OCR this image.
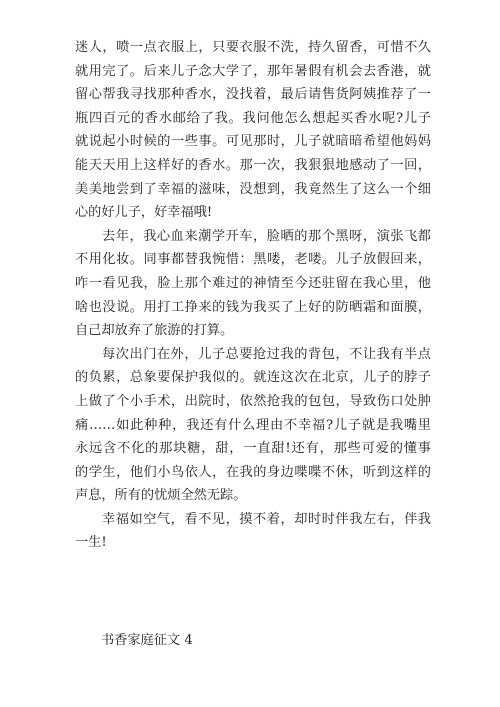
迷人，喷一点衣服上，只要衣服不洗，持久留香，可惜不久
就用完了。后来儿子念大学了，那年暑假有机会去香港，就
留心帮我寻找那种香水，没找着，最后请售货阿姨推荐了一
瓶四百元的香水邮给了我。我问他怎么想起买香水呢?儿子
就说起小时候的一些事。可见那时，儿子就暗暗希望他妈妈
能天天用上这样好的香水。那一次，我狠狠地感动了一回，
美美地尝到了幸福的滋味，没想到，我竟然生了这么一个细
心的好儿子，好幸福哦!
去年，我心血来潮学开车，脸晒的那个黑呀，演张飞都
不用化妆。同事都替我惋惜：黑喽，老喽。儿子放假回来，
咋一看见我，脸上那个难过的神情至今还驻留在我心里，他
啥也没说。用打工挣来的钱为我买了上好的防晒霜和面膜，
自己却放弃了旅游的打算。
每次出门在外，儿子总要抢过我的背包，不让我有半点
的负累，总象要保护我似的。就连这次在北京，儿子的脖子
上做了个小手术，出院时，依然抢我的包包，导致伤口处肿
痛……如此种种，我还有什么理由不幸福?儿子就是我嘴里
永远含不化的那块糖，甜，一直甜!还有，那些可爱的懂事
的学生，他们小鸟依人，在我的身边喋喋不休，听到这样的
声息，所有的忧烦全然无踪。
幸福如空气，看不见，摸不着，却时时伴我左右，伴我
一生!
书香家庭征文 4
